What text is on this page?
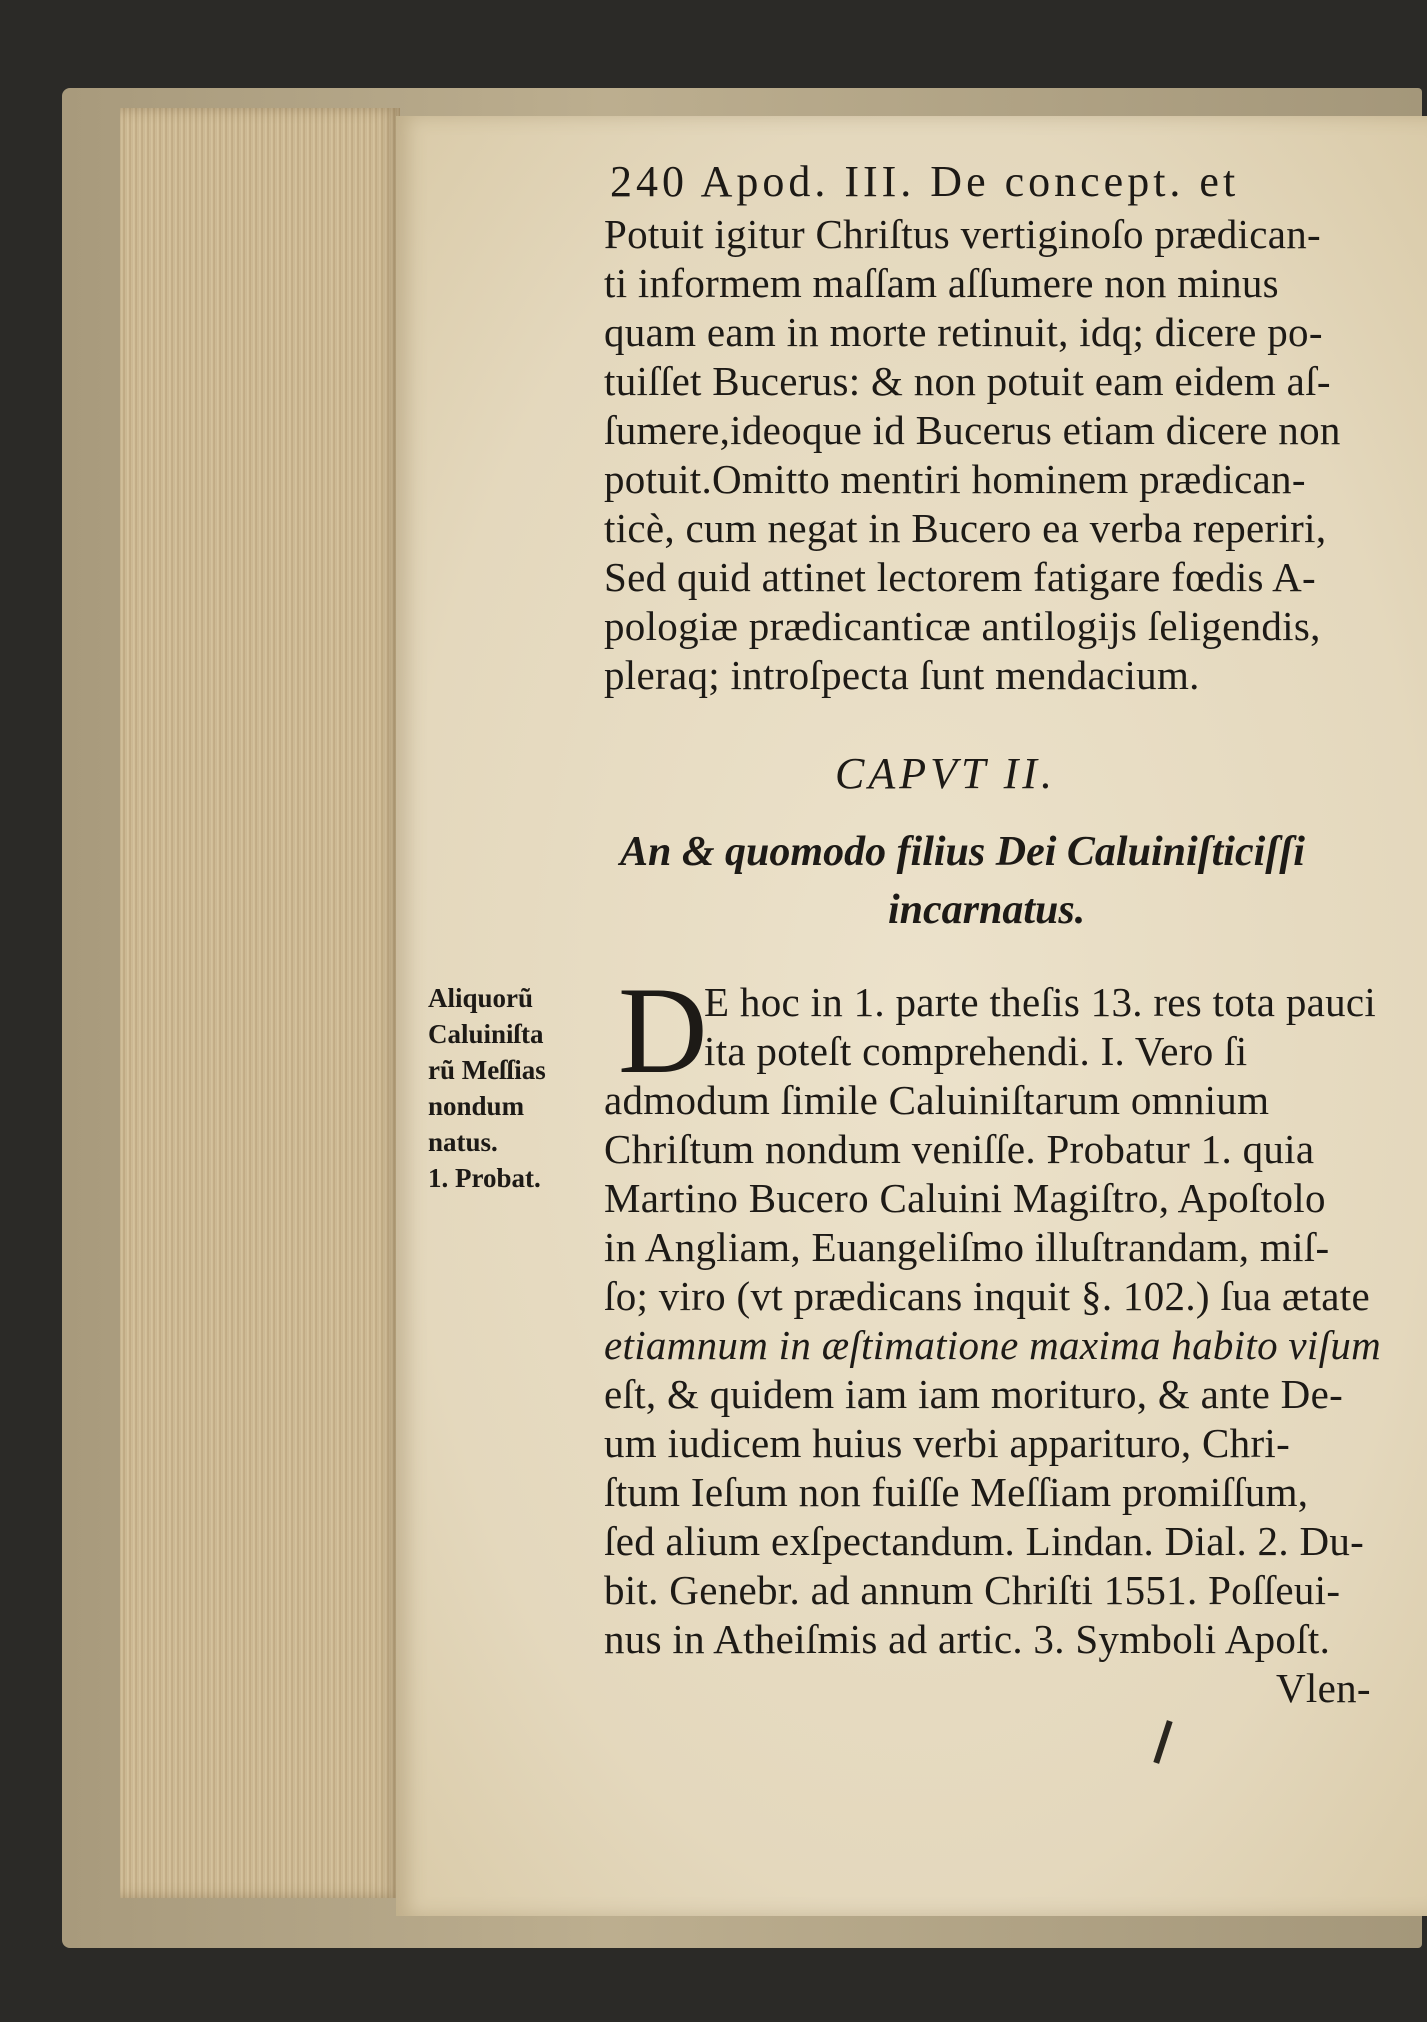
240 Apod. III. De concept. et
Potuit igitur Chriſtus vertiginoſo prædican-
ti informem maſſam aſſumere non minus
quam eam in morte retinuit, idq; dicere po-
tuiſſet Bucerus: & non potuit eam eidem aſ-
ſumere,ideoque id Bucerus etiam dicere non
potuit.Omitto mentiri hominem prædican-
ticè, cum negat in Bucero ea verba reperiri,
Sed quid attinet lectorem fatigare fœdis A-
pologiæ prædicanticæ antilogijs ſeligendis,
pleraq; introſpecta ſunt mendacium.
CAPVT II.
An & quomodo filius Dei Caluiniſticiſſi
incarnatus.
Aliquorũ
Caluiniſta
rũ Meſſias
nondum
natus.
1. Probat.
D
E hoc in 1. parte theſis 13. res tota pauci
ita poteſt comprehendi. I. Vero ſi
admodum ſimile Caluiniſtarum omnium
Chriſtum nondum veniſſe. Probatur 1. quia
Martino Bucero Caluini Magiſtro, Apoſtolo
in Angliam, Euangeliſmo illuſtrandam, miſ-
ſo; viro (vt prædicans inquit §. 102.) ſua ætate
etiamnum in æſtimatione maxima habito viſum
eſt, & quidem iam iam morituro, & ante De-
um iudicem huius verbi apparituro, Chri-
ſtum Ieſum non fuiſſe Meſſiam promiſſum,
ſed alium exſpectandum. Lindan. Dial. 2. Du-
bit. Genebr. ad annum Chriſti 1551. Poſſeui-
nus in Atheiſmis ad artic. 3. Symboli Apoſt.
Vlen-
